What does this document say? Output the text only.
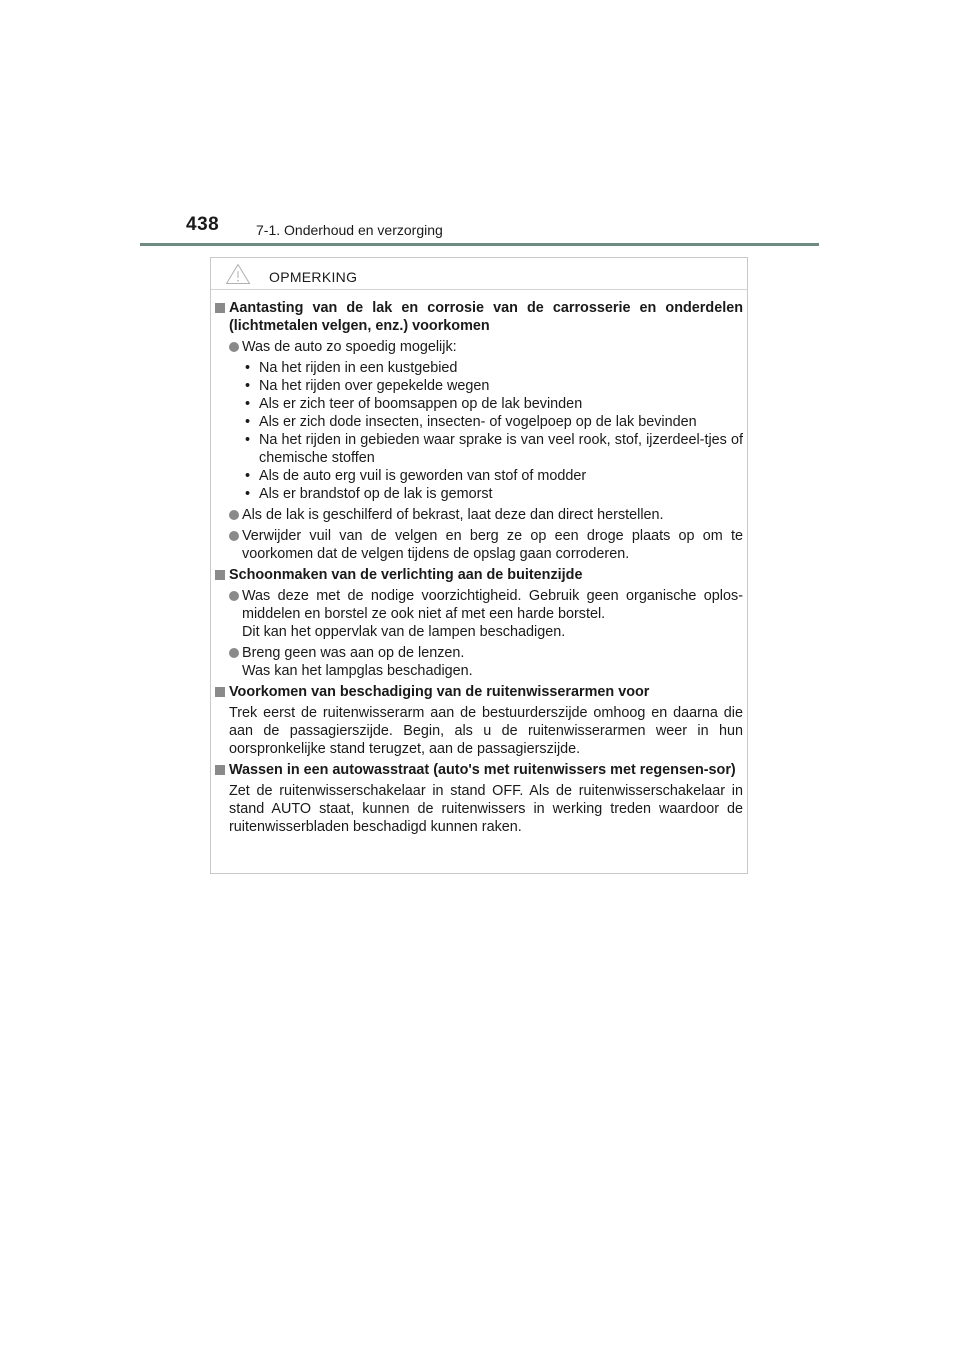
438	7-1. Onderhoud en verzorging
OPMERKING
Aantasting van de lak en corrosie van de carrosserie en onderdelen (lichtmetalen velgen, enz.) voorkomen
Was de auto zo spoedig mogelijk:
• Na het rijden in een kustgebied
• Na het rijden over gepekelde wegen
• Als er zich teer of boomsappen op de lak bevinden
• Als er zich dode insecten, insecten- of vogelpoep op de lak bevinden
• Na het rijden in gebieden waar sprake is van veel rook, stof, ijzerdeel-tjes of chemische stoffen
• Als de auto erg vuil is geworden van stof of modder
• Als er brandstof op de lak is gemorst
Als de lak is geschilferd of bekrast, laat deze dan direct herstellen.
Verwijder vuil van de velgen en berg ze op een droge plaats op om te voorkomen dat de velgen tijdens de opslag gaan corroderen.
Schoonmaken van de verlichting aan de buitenzijde
Was deze met de nodige voorzichtigheid. Gebruik geen organische oplos-middelen en borstel ze ook niet af met een harde borstel.
Dit kan het oppervlak van de lampen beschadigen.
Breng geen was aan op de lenzen.
Was kan het lampglas beschadigen.
Voorkomen van beschadiging van de ruitenwisserarmen voor
Trek eerst de ruitenwisserarm aan de bestuurderszijde omhoog en daarna die aan de passagierszijde. Begin, als u de ruitenwisserarmen weer in hun oorspronkelijke stand terugzet, aan de passagierszijde.
Wassen in een autowasstraat (auto's met ruitenwissers met regensen-sor)
Zet de ruitenwisserschakelaar in stand OFF. Als de ruitenwisserschakelaar in stand AUTO staat, kunnen de ruitenwissers in werking treden waardoor de ruitenwisserbladen beschadigd kunnen raken.
